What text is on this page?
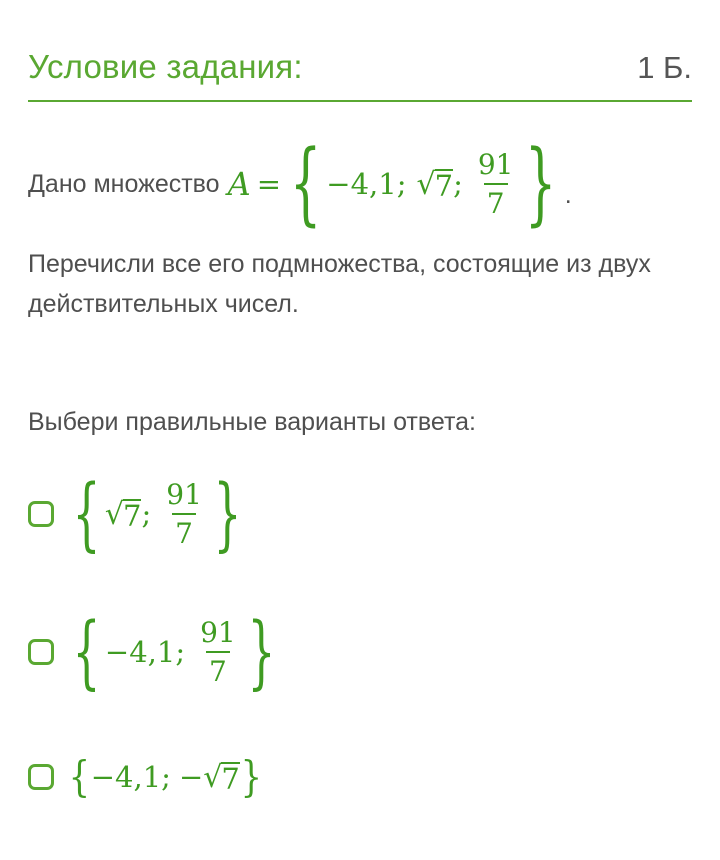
Условие задания:	1 Б.
Дано множество A = { −4,1; √ 7 ; $\frac{91}{7}$ } .
Перечисли все его подмножества, состоящие из двух действительных чисел.
Выбери правильные варианты ответа:
{ √ 7 ; $\frac{91}{7}$ }
{ −4,1; $\frac{91}{7}$ }
{ −4,1; − √ 7 }
